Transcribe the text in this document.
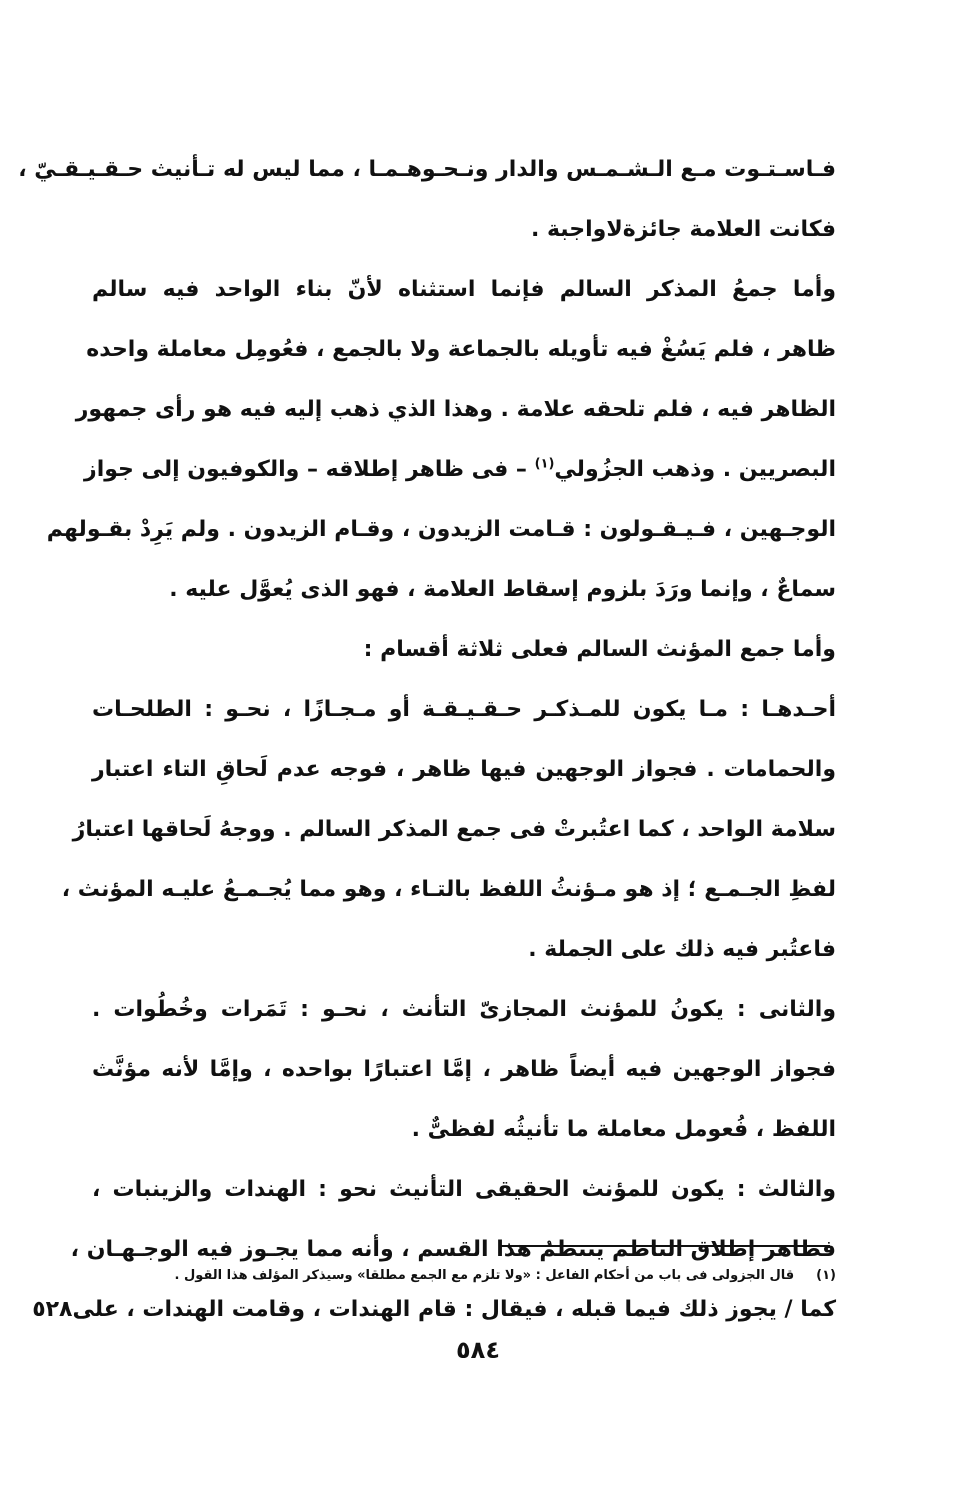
فـاسـتـوت مـع الـشـمـس والدار ونـحـوهـمـا ، مما ليس له تـأنيث حـقـيـقـيّ ،
فكانت العلامة جائزةلاواجبة .
وأما جمعُ المذكر السالم فإنما استثناه لأنّ بناء الواحد فيه سالم
ظاهر ، فلم يَسُغْ فيه تأويله بالجماعة ولا بالجمع ، فعُومِل معاملة واحده
الظاهر فيه ، فلم تلحقه علامة . وهذا الذي ذهب إليه فيه هو رأى جمهور
البصريين . وذهب الجزُولي$^{(١)}$ – فى ظاهر إطلاقه – والكوفيون إلى جواز
الوجـهين ، فـيـقـولون : قـامت الزيدون ، وقـام الزيدون . ولم يَرِدْ بقـولهم
سماعٌ ، وإنما ورَدَ بلزوم إسقاط العلامة ، فهو الذى يُعوَّل عليه .
وأما جمع المؤنث السالم فعلى ثلاثة أقسام :
أحـدهـا : مـا يكون للمـذكـر حـقـيـقـة أو مـجـازًا ، نحـو : الطلحـات
والحمامات . فجواز الوجهين فيها ظاهر ، فوجه عدم لَحاقِ التاء اعتبار
سلامة الواحد ، كما اعتُبرتْ فى جمع المذكر السالم . ووجهُ لَحاقها اعتبارُ
لفظِ الجـمـع ؛ إذ هو مـؤنثُ اللفظ بالتـاء ، وهو مما يُجـمـعُ عليـه المؤنث ،
فاعتُبر فيه ذلك على الجملة .
والثانى : يكونُ للمؤنث المجازىّ التأنث ، نحـو : تَمَرات وخُطُوات .
فجواز الوجهين فيه أيضاً ظاهر ، إمَّا اعتبارًا بواحده ، وإمَّا لأنه مؤنَّث
اللفظ ، فُعومل معاملة ما تأنيثُه لفظىٌّ .
والثالث : يكون للمؤنث الحقيقى التأنيث نحو : الهندات والزينبات ،
فظاهر إطلاق الناظم ينتظمُ هذا القسم ، وأنه مما يجـوز فيه الوجـهـان ،
كما / يجوز ذلك فيما قبله ، فيقال : قام الهندات ، وقامت الهندات ، على٥٢٨
(١)قال الجزولى فى باب من أحكام الفاعل : «ولا تلزم مع الجمع مطلقا» وسيذكر المؤلف هذا القول .
٥٨٤
